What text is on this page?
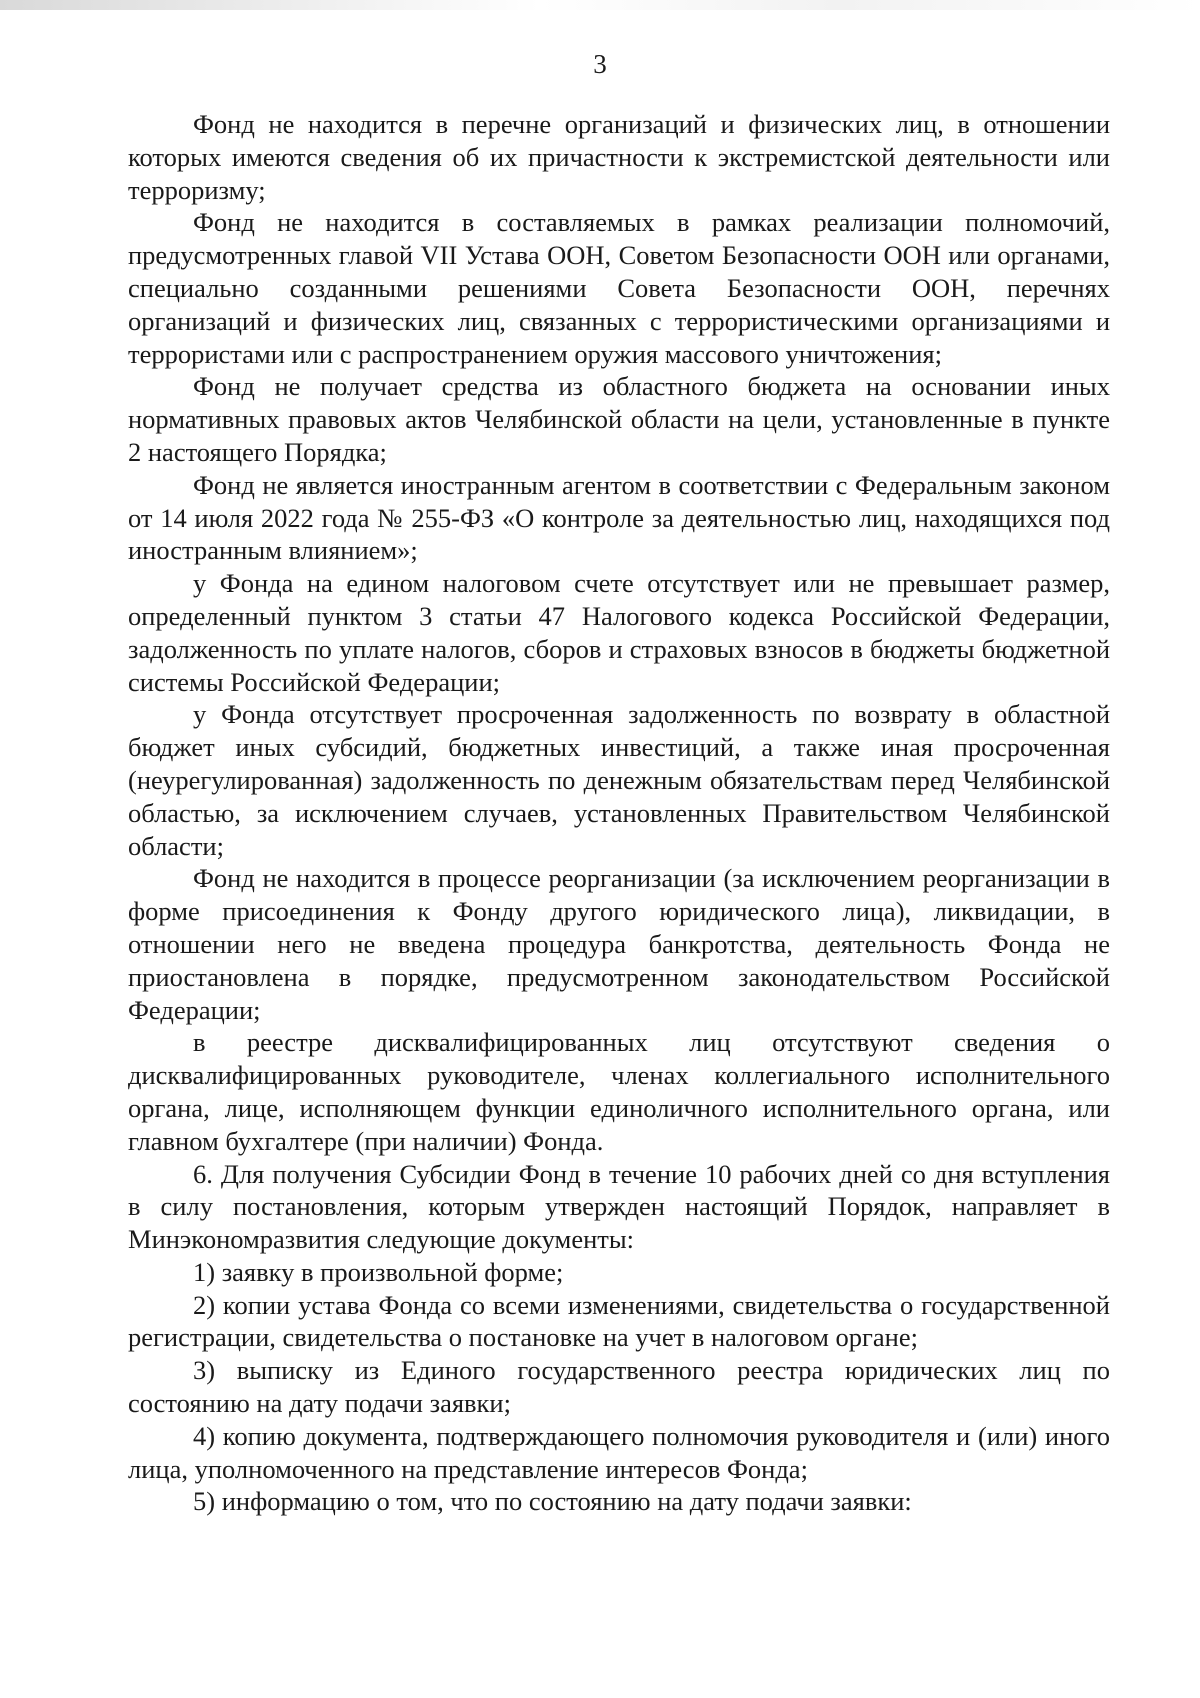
3

Фонд не находится в перечне организаций и физических лиц, в отношении которых имеются сведения об их причастности к экстремистской деятельности или терроризму;

Фонд не находится в составляемых в рамках реализации полномочий, предусмотренных главой VII Устава ООН, Советом Безопасности ООН или органами, специально созданными решениями Совета Безопасности ООН, перечнях организаций и физических лиц, связанных с террористическими организациями и террористами или с распространением оружия массового уничтожения;

Фонд не получает средства из областного бюджета на основании иных нормативных правовых актов Челябинской области на цели, установленные в пункте 2 настоящего Порядка;

Фонд не является иностранным агентом в соответствии с Федеральным законом от 14 июля 2022 года № 255-ФЗ «О контроле за деятельностью лиц, находящихся под иностранным влиянием»;

у Фонда на едином налоговом счете отсутствует или не превышает размер, определенный пунктом 3 статьи 47 Налогового кодекса Российской Федерации, задолженность по уплате налогов, сборов и страховых взносов в бюджеты бюджетной системы Российской Федерации;

у Фонда отсутствует просроченная задолженность по возврату в областной бюджет иных субсидий, бюджетных инвестиций, а также иная просроченная (неурегулированная) задолженность по денежным обязательствам перед Челябинской областью, за исключением случаев, установленных Правительством Челябинской области;

Фонд не находится в процессе реорганизации (за исключением реорганизации в форме присоединения к Фонду другого юридического лица), ликвидации, в отношении него не введена процедура банкротства, деятельность Фонда не приостановлена в порядке, предусмотренном законодательством Российской Федерации;

в реестре дисквалифицированных лиц отсутствуют сведения о дисквалифицированных руководителе, членах коллегиального исполнительного органа, лице, исполняющем функции единоличного исполнительного органа, или главном бухгалтере (при наличии) Фонда.

6. Для получения Субсидии Фонд в течение 10 рабочих дней со дня вступления в силу постановления, которым утвержден настоящий Порядок, направляет в Минэкономразвития следующие документы:

1) заявку в произвольной форме;

2) копии устава Фонда со всеми изменениями, свидетельства о государственной регистрации, свидетельства о постановке на учет в налоговом органе;

3) выписку из Единого государственного реестра юридических лиц по состоянию на дату подачи заявки;

4) копию документа, подтверждающего полномочия руководителя и (или) иного лица, уполномоченного на представление интересов Фонда;

5) информацию о том, что по состоянию на дату подачи заявки:
